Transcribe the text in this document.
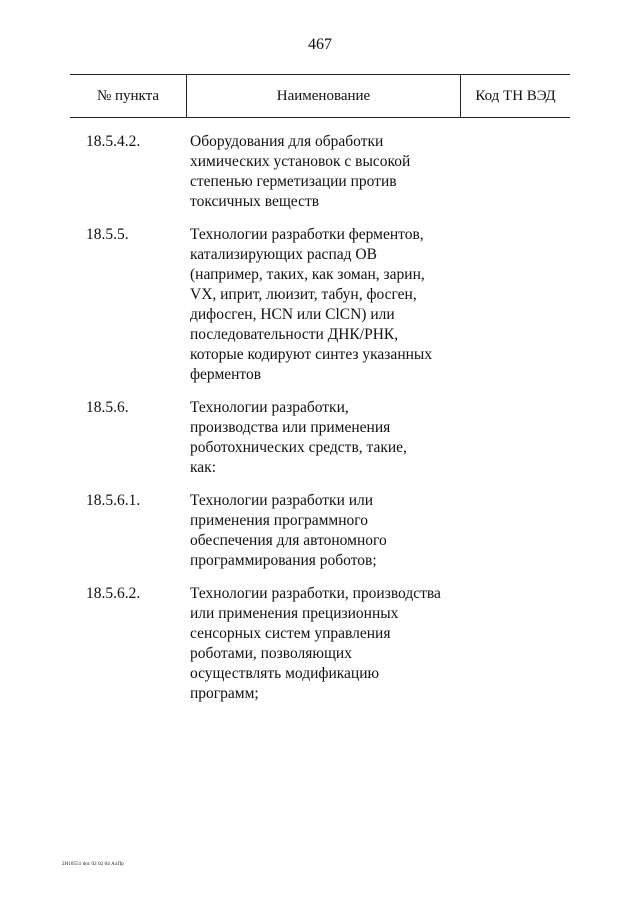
467
№ пункта	Наименование	Код ТН ВЭД
18.5.4.2.	Оборудования для обработки
химических установок с высокой
степенью герметизации против
токсичных веществ
18.5.5.	Технологии разработки ферментов,
катализирующих распад ОВ
(например, таких, как зоман, зарин,
VX, иприт, люизит, табун, фосген,
дифосген, HCN или ClCN) или
последовательности ДНК/РНК,
которые кодируют синтез указанных
ферментов
18.5.6.	Технологии разработки,
производства или применения
роботохнических средств, такие,
как:
18.5.6.1.	Технологии разработки или
применения программного
обеспечения для автономного
программирования роботов;
18.5.6.2.	Технологии разработки, производства
или применения прецизионных
сенсорных систем управления
роботами, позволяющих
осуществлять модификацию
программ;
2Н10551 doc 02 02 04 АлПр
